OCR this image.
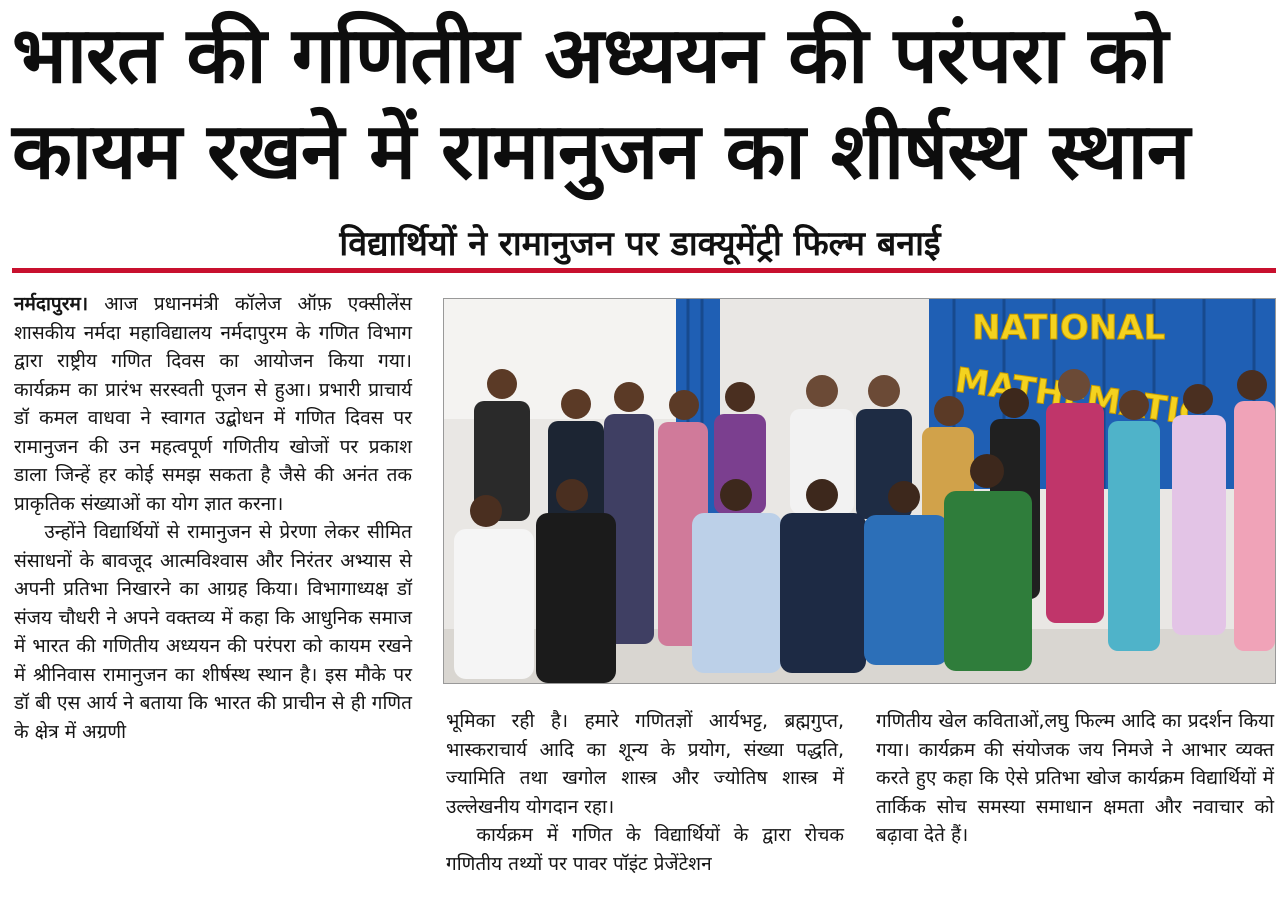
भारत की गणितीय अध्ययन की परंपरा को
कायम रखने में रामानुजन का शीर्षस्थ स्थान
विद्यार्थियों ने रामानुजन पर डाक्यूमेंट्री फिल्म बनाई

नर्मदापुरम। आज प्रधानमंत्री कॉलेज ऑफ़ एक्सीलेंस शासकीय नर्मदा महाविद्यालय नर्मदापुरम के गणित विभाग द्वारा राष्ट्रीय गणित दिवस का आयोजन किया गया। कार्यक्रम का प्रारंभ सरस्वती पूजन से हुआ। प्रभारी प्राचार्य डॉ कमल वाधवा ने स्वागत उद्बोधन में गणित दिवस पर रामानुजन की उन महत्वपूर्ण गणितीय खोजों पर प्रकाश डाला जिन्हें हर कोई समझ सकता है जैसे की अनंत तक प्राकृतिक संख्याओं का योग ज्ञात करना।

उन्होंने विद्यार्थियों से रामानुजन से प्रेरणा लेकर सीमित संसाधनों के बावजूद आत्मविश्वास और निरंतर अभ्यास से अपनी प्रतिभा निखारने का आग्रह किया। विभागाध्यक्ष डॉ संजय चौधरी ने अपने वक्तव्य में कहा कि आधुनिक समाज में भारत की गणितीय अध्ययन की परंपरा को कायम रखने में श्रीनिवास रामानुजन का शीर्षस्थ स्थान है। इस मौके पर डॉ बी एस आर्य ने बताया कि भारत की प्राचीन से ही गणित के क्षेत्र में अग्रणी

NATIONAL

भूमिका रही है। हमारे गणितज्ञों आर्यभट्ट, ब्रह्मगुप्त, भास्कराचार्य आदि का शून्य के प्रयोग, संख्या पद्धति, ज्यामिति तथा खगोल शास्त्र और ज्योतिष शास्त्र में उल्लेखनीय योगदान रहा।

कार्यक्रम में गणित के विद्यार्थियों के द्वारा रोचक गणितीय तथ्यों पर पावर पॉइंट प्रेजेंटेशन

गणितीय खेल कविताओं,लघु फिल्म आदि का प्रदर्शन किया गया। कार्यक्रम की संयोजक जय निमजे ने आभार व्यक्त करते हुए कहा कि ऐसे प्रतिभा खोज कार्यक्रम विद्यार्थियों में तार्किक सोच समस्या समाधान क्षमता और नवाचार को बढ़ावा देते हैं।
